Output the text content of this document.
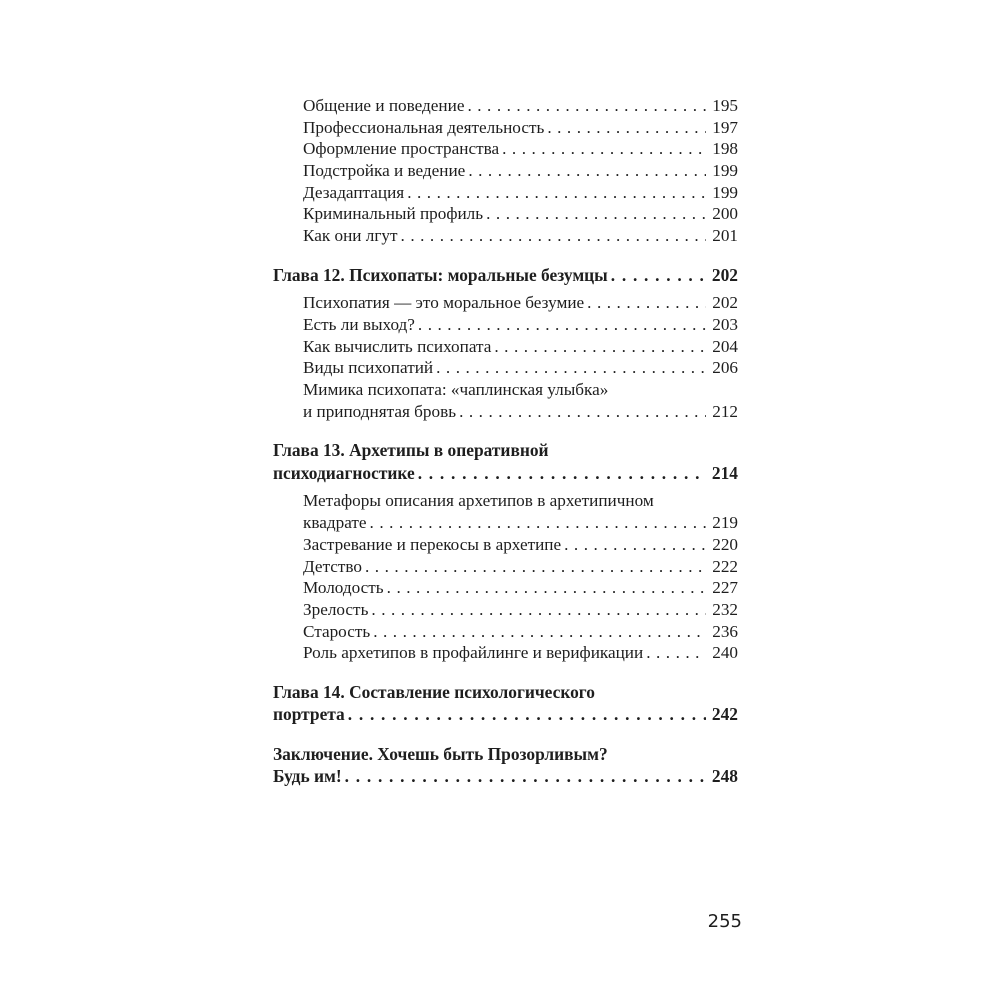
Общение и поведение . . .	195
Профессиональная деятельность . . .	197
Оформление пространства . . .	198
Подстройка и ведение . . .	199
Дезадаптация . . .	199
Криминальный профиль . . .	200
Как они лгут . . .	201
Глава 12. Психопаты: моральные безумцы . . .	202
Психопатия — это моральное безумие . . .	202
Есть ли выход? . . .	203
Как вычислить психопата . . .	204
Виды психопатий . . .	206
Мимика психопата: «чаплинская улыбка»
и приподнятая бровь . . .	212
Глава 13. Архетипы в оперативной
психодиагностике . . .	214
Метафоры описания архетипов в архетипичном
квадрате . . .	219
Застревание и перекосы в архетипе . . .	220
Детство . . .	222
Молодость . . .	227
Зрелость . . .	232
Старость . . .	236
Роль архетипов в профайлинге и верификации . . .	240
Глава 14. Составление психологического
портрета . . .	242
Заключение. Хочешь быть Прозорливым?
Будь им! . . .	248
255
